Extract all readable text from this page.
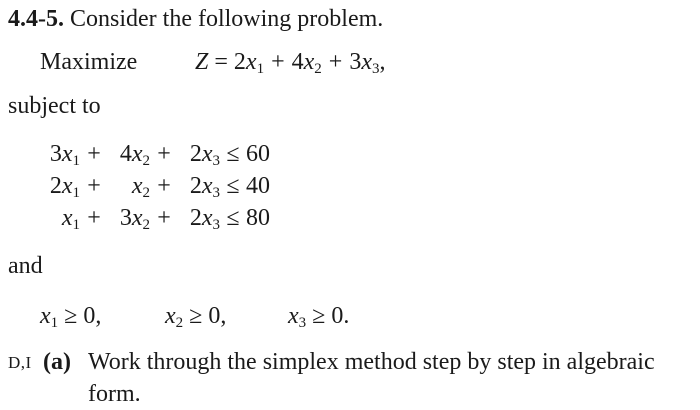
4.4-5. Consider the following problem.
Maximize $Z = 2x_1 + 4x_2 + 3x_3$,
subject to
$3x_1 + 4x_2 + 2x_3 \le 60$
$2x_1$ +	$x_2 + 2x_3 \le 40$
$x_1 + 3x_2 + 2x_3 \le 80$
and
$x_1 \ge 0$,	$x_2 \ge 0$,	$x_3 \ge 0$.
D,I (a) Work through the simplex method step by step in algebraic
form.
